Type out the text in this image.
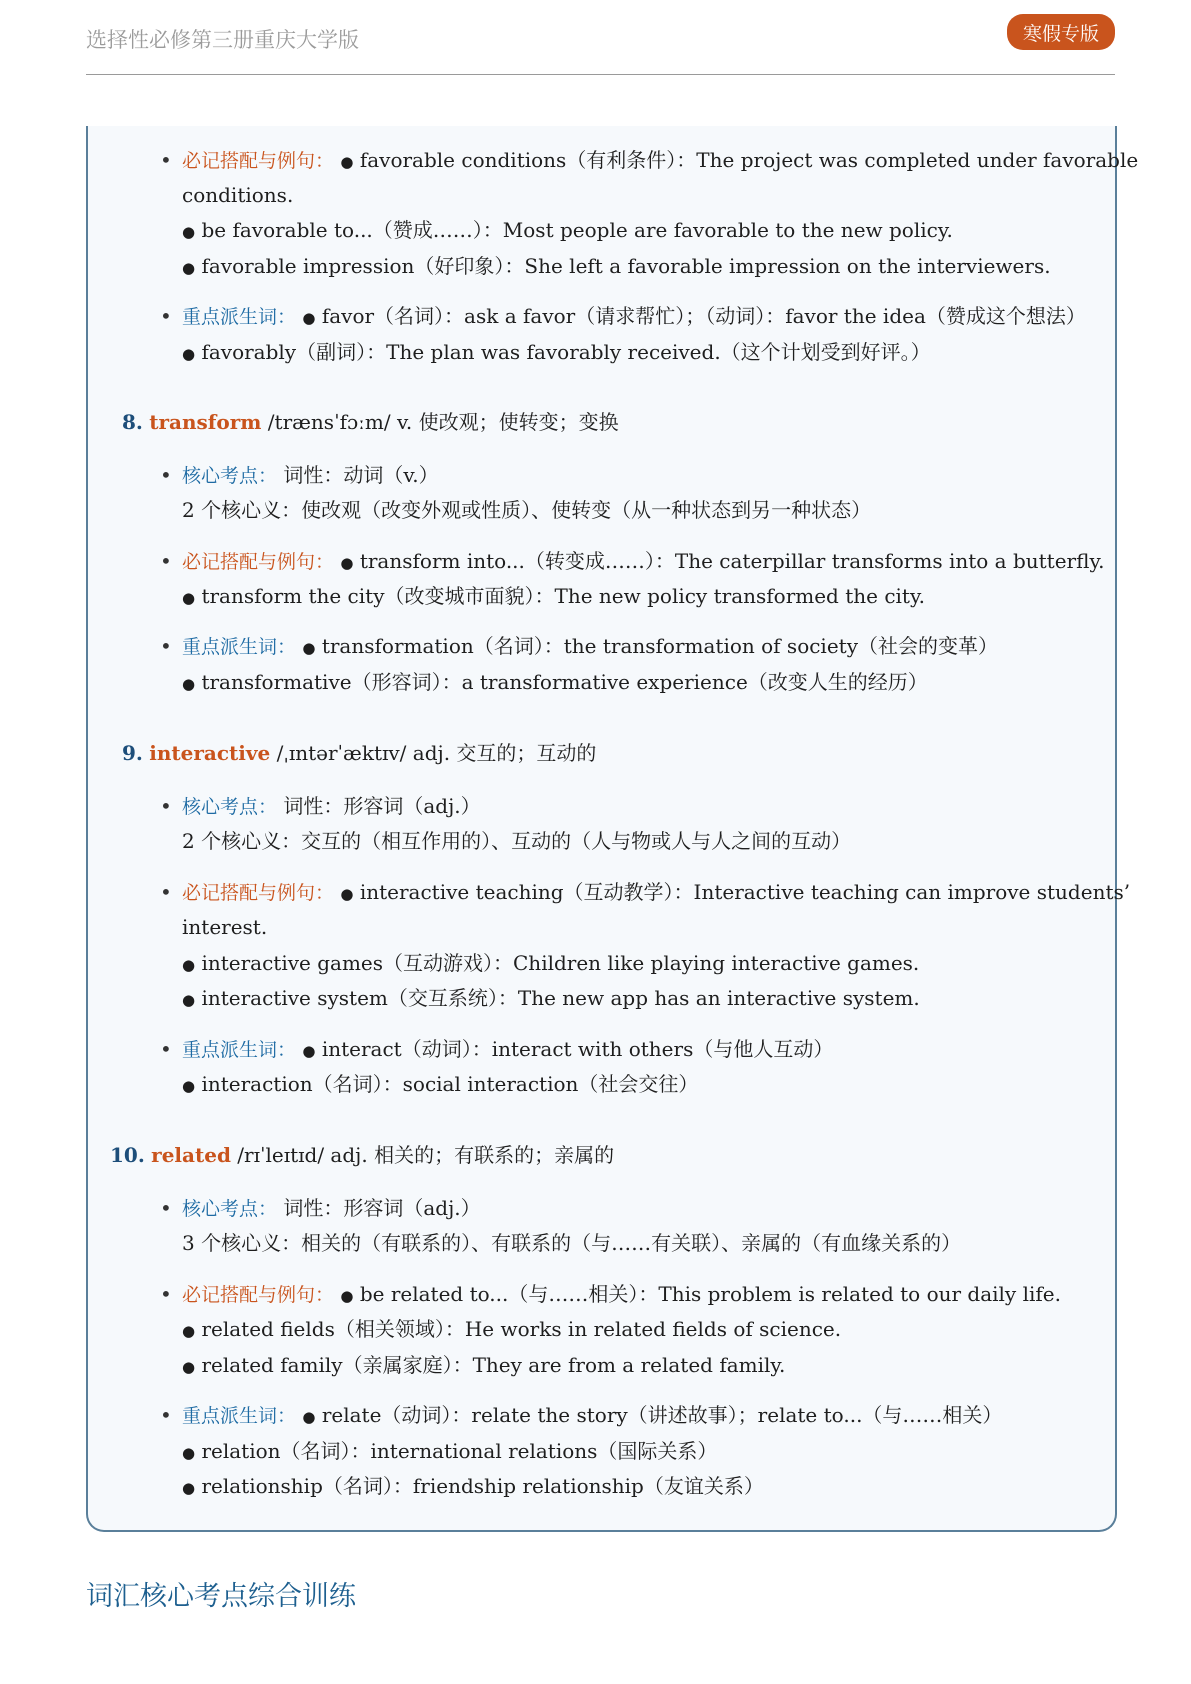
选择性必修第三册重庆大学版	寒假专版
• 必记搭配与例句： ● favorable conditions（有利条件）：The project was completed under favorable
conditions.
● be favorable to...（赞成……）：Most people are favorable to the new policy.
● favorable impression（好印象）：She left a favorable impression on the interviewers.
• 重点派生词： ● favor（名词）：ask a favor（请求帮忙）；（动词）：favor the idea（赞成这个想法）
● favorably（副词）：The plan was favorably received.（这个计划受到好评。）
8. transform /trænsˈfɔːm/ v. 使改观；使转变；变换
• 核心考点： 词性：动词（v.）
2 个核心义：使改观（改变外观或性质）、使转变（从一种状态到另一种状态）
• 必记搭配与例句： ● transform into...（转变成……）：The caterpillar transforms into a butterfly.
● transform the city（改变城市面貌）：The new policy transformed the city.
• 重点派生词： ● transformation（名词）：the transformation of society（社会的变革）
● transformative（形容词）：a transformative experience（改变人生的经历）
9. interactive /ˌɪntərˈæktɪv/ adj. 交互的；互动的
• 核心考点： 词性：形容词（adj.）
2 个核心义：交互的（相互作用的）、互动的（人与物或人与人之间的互动）
• 必记搭配与例句： ● interactive teaching（互动教学）：Interactive teaching can improve students’
interest.
● interactive games（互动游戏）：Children like playing interactive games.
● interactive system（交互系统）：The new app has an interactive system.
• 重点派生词： ● interact（动词）：interact with others（与他人互动）
● interaction（名词）：social interaction（社会交往）
10. related /rɪˈleɪtɪd/ adj. 相关的；有联系的；亲属的
• 核心考点： 词性：形容词（adj.）
3 个核心义：相关的（有联系的）、有联系的（与……有关联）、亲属的（有血缘关系的）
• 必记搭配与例句： ● be related to...（与……相关）：This problem is related to our daily life.
● related fields（相关领域）：He works in related fields of science.
● related family（亲属家庭）：They are from a related family.
• 重点派生词： ● relate（动词）：relate the story（讲述故事）；relate to...（与……相关）
● relation（名词）：international relations（国际关系）
● relationship（名词）：friendship relationship（友谊关系）
词汇核心考点综合训练
